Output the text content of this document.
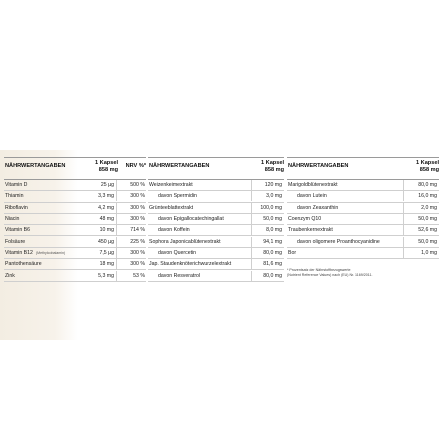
NÄHRWERTANGABEN	1 Kapsel
858 mg
NRV %*
Vitamin D	25 µg	500 %
Thiamin	3,3 mg	300 %
Riboflavin	4,2 mg	300 %
Niacin	48 mg	300 %
Vitamin B6	10 mg	714 %
Folsäure	450 µg	225 %
Vitamin B12 (Methylcobalamin)	7,5 µg	300 %
Pantothensäure	18 mg	300 %
Zink	5,3 mg	53 %
NÄHRWERTANGABEN	1 Kapsel
858 mg
Weizenkeimextrakt	120 mg
davon Spermidin	3,0 mg
Grünteeblattextrakt	100,0 mg
davon Epigallocatechingallat	50,0 mg
davon Koffein	8,0 mg
Sophora Japonicablütenextrakt	94,1 mg
davon Quercetin	80,0 mg
Jap. Staudenknöterichwurzelextrakt	81,6 mg
davon Resveratrol	80,0 mg
NÄHRWERTANGABEN	1 Kapsel
858 mg
Marigoldblütenextrakt	80,0 mg
davon Lutein	16,0 mg
davon Zeaxanthin	2,0 mg
Coenzym Q10	50,0 mg
Traubenkernextrakt	52,6 mg
davon oligomere Proanthocyanidine	50,0 mg
Bor	1,0 mg
* Prozentsatz der Nährstoffbezugswerte
(Nutrient Reference Values) nach (EU) Nr. 1169/2011.
